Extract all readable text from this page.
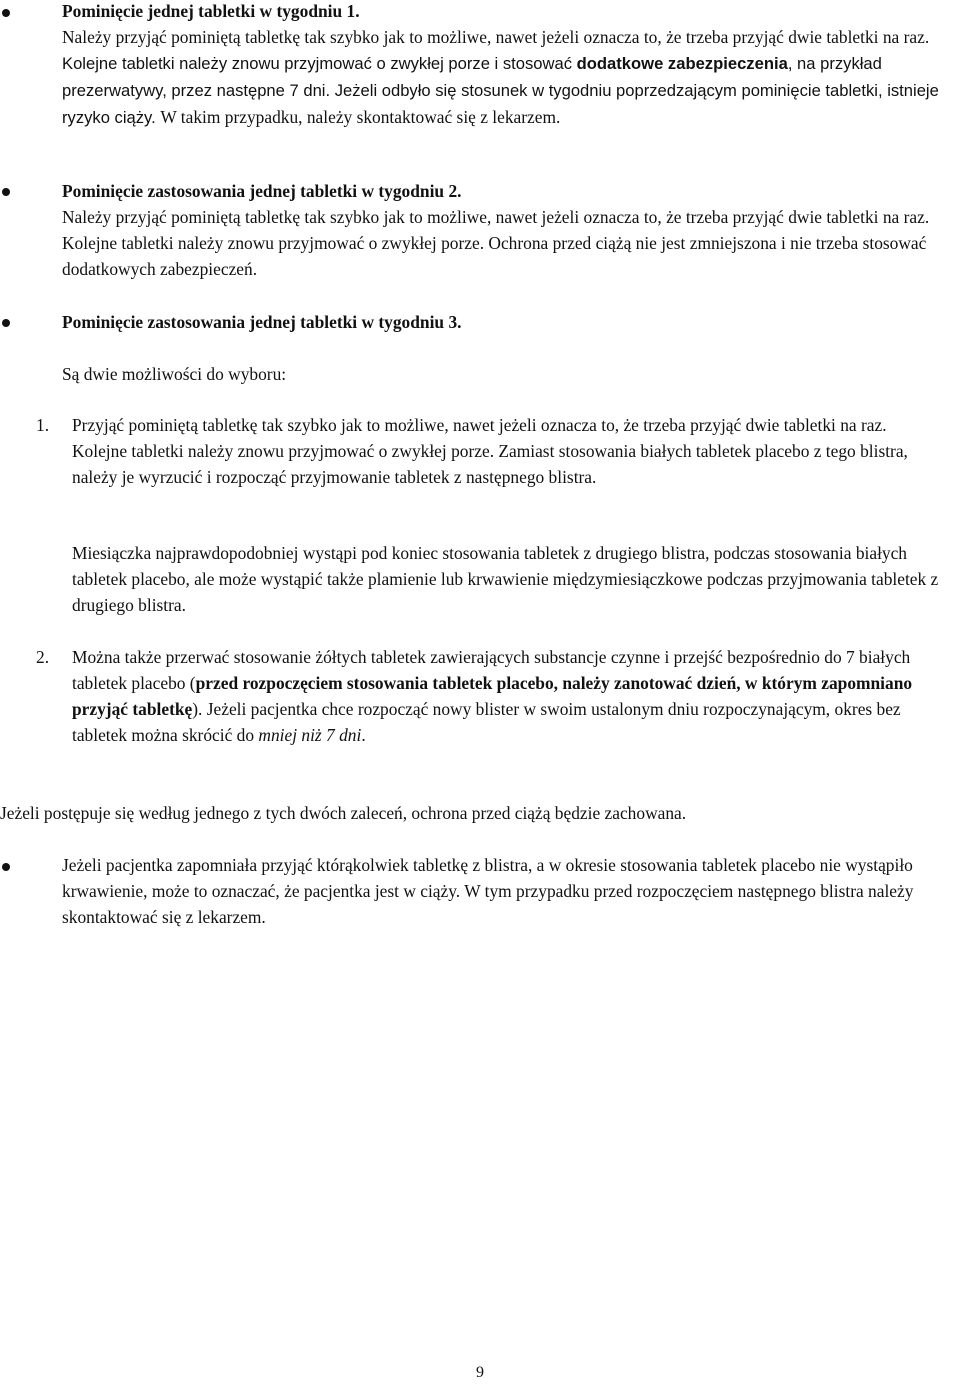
Pominięcie jednej tabletki w tygodniu 1.
Należy przyjąć pominiętą tabletkę tak szybko jak to możliwe, nawet jeżeli oznacza to, że trzeba przyjąć dwie tabletki na raz. Kolejne tabletki należy znowu przyjmować o zwykłej porze i stosować dodatkowe zabezpieczenia, na przykład prezerwatywy, przez następne 7 dni. Jeżeli odbyło się stosunek w tygodniu poprzedzającym pominięcie tabletki, istnieje ryzyko ciąży. W takim przypadku, należy skontaktować się z lekarzem.
Pominięcie zastosowania jednej tabletki w tygodniu 2.
Należy przyjąć pominiętą tabletkę tak szybko jak to możliwe, nawet jeżeli oznacza to, że trzeba przyjąć dwie tabletki na raz. Kolejne tabletki należy znowu przyjmować o zwykłej porze. Ochrona przed ciążą nie jest zmniejszona i nie trzeba stosować dodatkowych zabezpieczeń.
Pominięcie zastosowania jednej tabletki w tygodniu 3.
Są dwie możliwości do wyboru:
1. Przyjąć pominiętą tabletkę tak szybko jak to możliwe, nawet jeżeli oznacza to, że trzeba przyjąć dwie tabletki na raz. Kolejne tabletki należy znowu przyjmować o zwykłej porze. Zamiast stosowania białych tabletek placebo z tego blistra, należy je wyrzucić i rozpocząć przyjmowanie tabletek z następnego blistra.
Miesiączka najprawdopodobniej wystąpi pod koniec stosowania tabletek z drugiego blistra, podczas stosowania białych tabletek placebo, ale może wystąpić także plamienie lub krwawienie międzymiesiączkowe podczas przyjmowania tabletek z drugiego blistra.
2. Można także przerwać stosowanie żółtych tabletek zawierających substancje czynne i przejść bezpośrednio do 7 białych tabletek placebo (przed rozpoczęciem stosowania tabletek placebo, należy zanotować dzień, w którym zapomniano przyjąć tabletkę). Jeżeli pacjentka chce rozpocząć nowy blister w swoim ustalonym dniu rozpoczynającym, okres bez tabletek można skrócić do mniej niż 7 dni.
Jeżeli postępuje się według jednego z tych dwóch zaleceń, ochrona przed ciążą będzie zachowana.
Jeżeli pacjentka zapomniała przyjąć którąkolwiek tabletkę z blistra, a w okresie stosowania tabletek placebo nie wystąpiło krwawienie, może to oznaczać, że pacjentka jest w ciąży. W tym przypadku przed rozpoczęciem następnego blistra należy skontaktować się z lekarzem.
9
